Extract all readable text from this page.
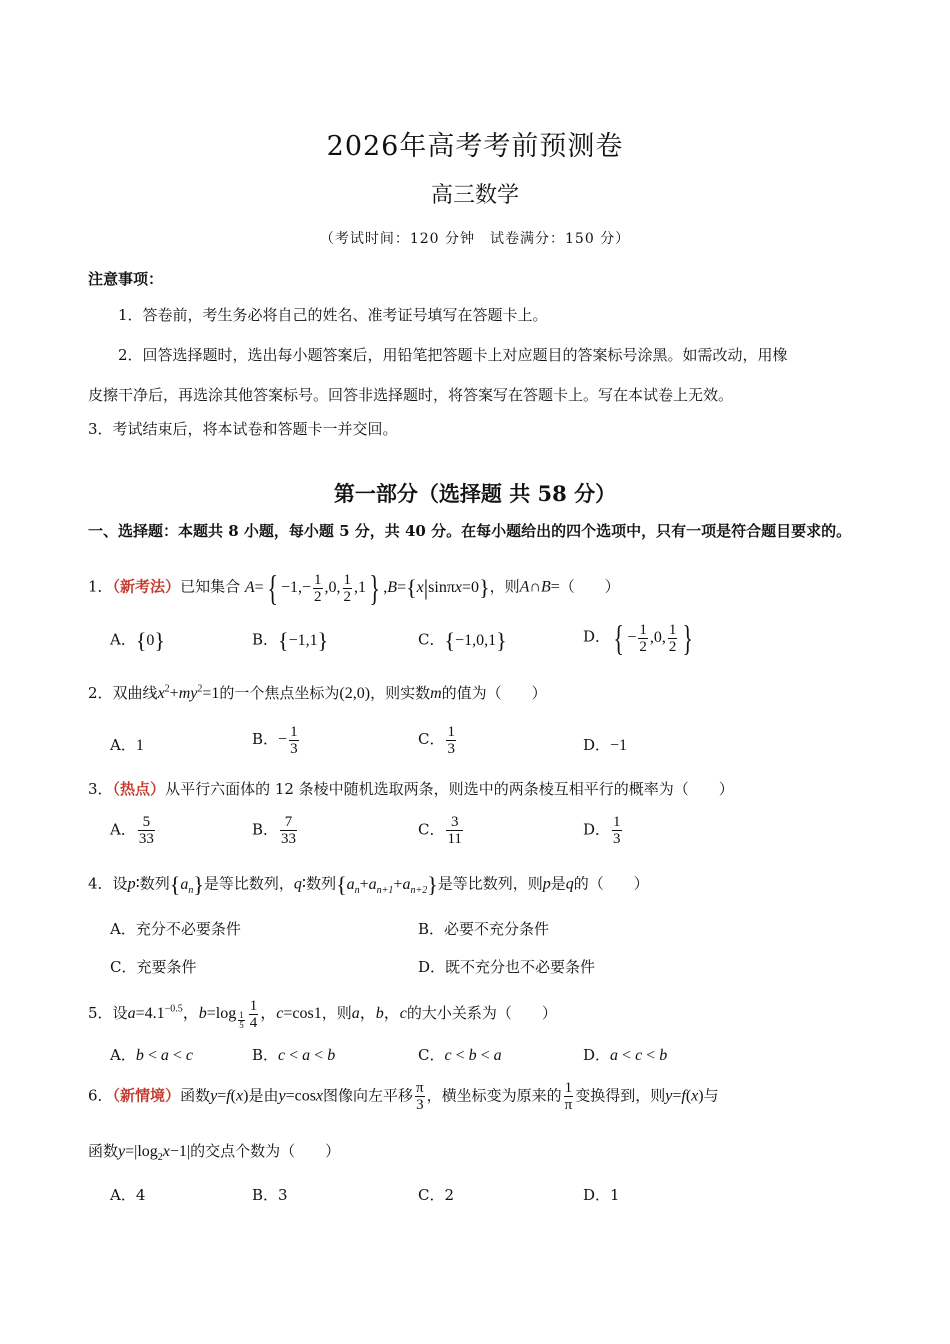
2026年高考考前预测卷
高三数学
（考试时间：120 分钟　试卷满分：150 分）
注意事项：
1．答卷前，考生务必将自己的姓名、准考证号填写在答题卡上。
2．回答选择题时，选出每小题答案后，用铅笔把答题卡上对应题目的答案标号涂黑。如需改动，用橡
皮擦干净后，再选涂其他答案标号。回答非选择题时，将答案写在答题卡上。写在本试卷上无效。
3．考试结束后，将本试卷和答题卡一并交回。
第一部分（选择题 共 58 分）
一、选择题：本题共 8 小题，每小题 5 分，共 40 分。在每小题给出的四个选项中，只有一项是符合题目要求的。
1．（新考法）已知集合 $A=\{ -1,- \frac{1}{2} ,0$, $\frac{1}{2} ,1$} ,B={x|sinπx=0}，则A∩B=（　　）
A．{0}	B．{−1,1}	C．{−1,0,1}	D．{ − $\frac{1}{2} ,0$, $\frac{1}{2}$ }
2．双曲线$x^2+my^2=1$的一个焦点坐标为(2,0)，则实数m的值为（　　）
A．1	B．− $\frac{1}{3}$	C． $\frac{1}{3}$	D．−1
3．（热点）从平行六面体的 12 条棱中随机选取两条，则选中的两条棱互相平行的概率为（　　）
A． $\frac{5}{33}$	B． $\frac{7}{33}$	C． $\frac{3}{11}$	D． $\frac{1}{3}$
4．设p∶数列$\{a_n\}$是等比数列，q∶数列$\{a_n+a_{n+1}+a_{n+2}\}$是等比数列，则p是q的（　　）
A．充分不必要条件	B．必要不充分条件
C．充要条件	D．既不充分也不必要条件
5．设$a=4.1^{-0.5}$，b=log $_{\frac{1}{5}} \frac{1}{4}$ ，c=cos1，则a，b，c的大小关系为（　　）
A．b < a < c	B．c < a < b	C．c < b < a	D．a < c < b
6．（新情境）函数y=f(x)是由y=cosx图像向左平移 $\frac{\pi}{3}$ ，横坐标变为原来的 $\frac{1}{\pi}$ 变换得到，则y=f(x)与
函数$y=|\log_2x-1|$的交点个数为（　　）
A．4	B．3	C．2	D．1
